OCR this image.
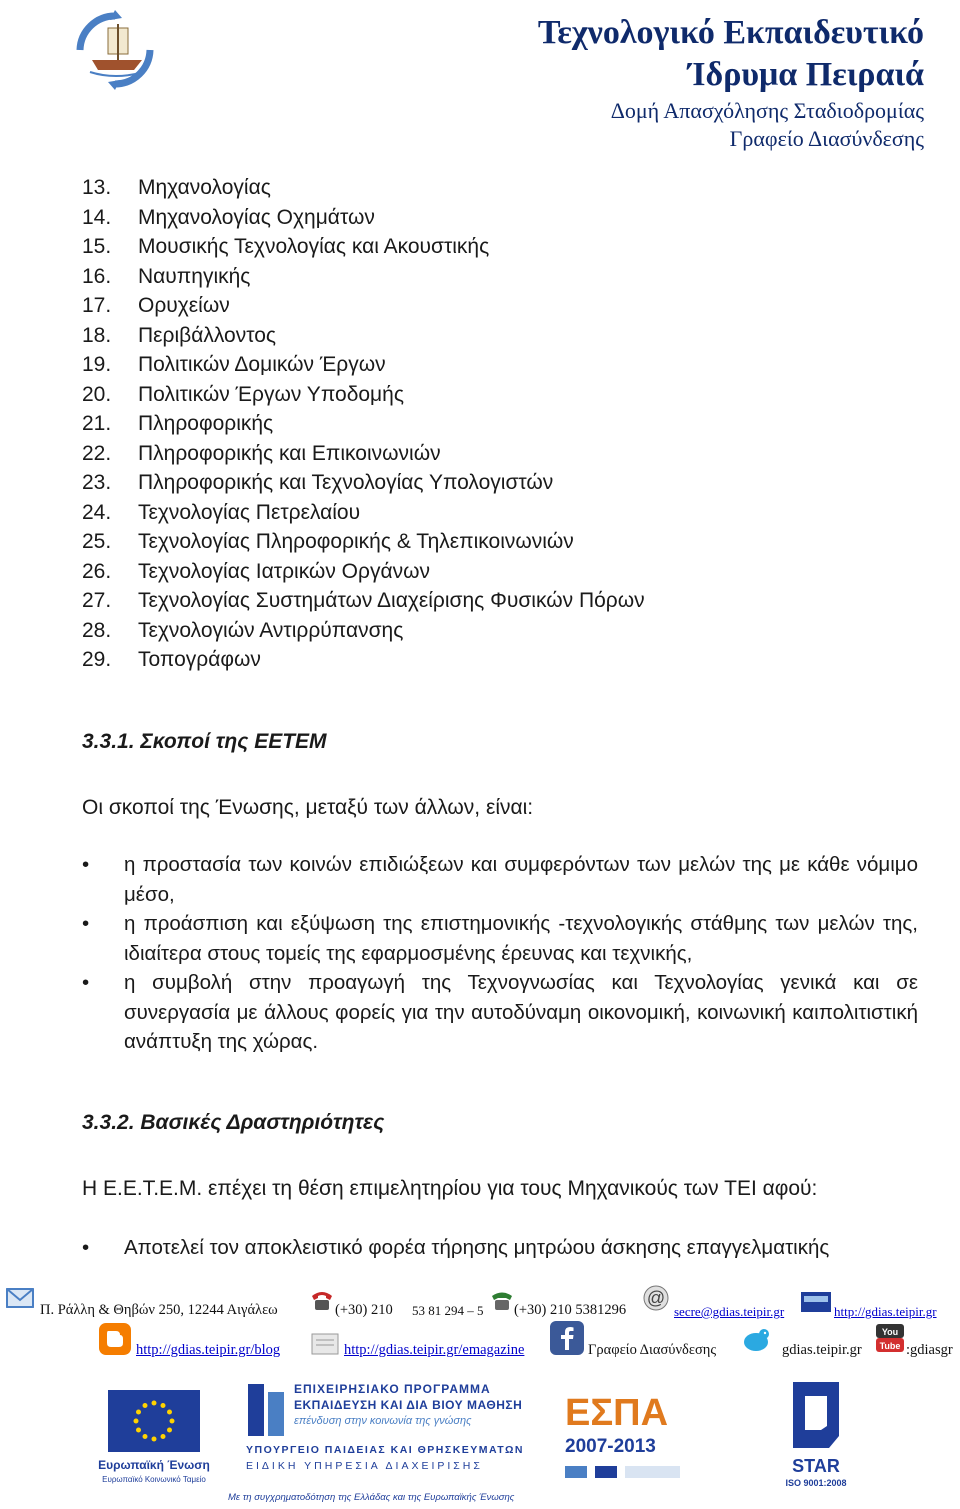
Τεχνολογικό Εκπαιδευτικό
Ίδρυμα Πειραιά
Δομή Απασχόλησης Σταδιοδρομίας
Γραφείο Διασύνδεσης
13. Μηχανολογίας
14. Μηχανολογίας Οχημάτων
15. Μουσικής Τεχνολογίας και Ακουστικής
16. Ναυπηγικής
17. Ορυχείων
18. Περιβάλλοντος
19. Πολιτικών Δομικών Έργων
20. Πολιτικών Έργων Υποδομής
21. Πληροφορικής
22. Πληροφορικής και Επικοινωνιών
23. Πληροφορικής και Τεχνολογίας Υπολογιστών
24. Τεχνολογίας Πετρελαίου
25. Τεχνολογίας Πληροφορικής & Τηλεπικοινωνιών
26. Τεχνολογίας Ιατρικών Οργάνων
27. Τεχνολογίας Συστημάτων Διαχείρισης Φυσικών Πόρων
28. Τεχνολογιών Αντιρρύπανσης
29. Τοπογράφων
3.3.1. Σκοποί της ΕΕΤΕΜ
Οι σκοποί της Ένωσης, μεταξύ των άλλων, είναι:
• η προστασία των κοινών επιδιώξεων και συμφερόντων των μελών της με κάθε νόμιμο μέσο,
• η προάσπιση και εξύψωση της επιστημονικής -τεχνολογικής στάθμης των μελών της, ιδιαίτερα στους τομείς της εφαρμοσμένης έρευνας και τεχνικής,
• η συμβολή στην προαγωγή της Τεχνογνωσίας και Τεχνολογίας γενικά και σε συνεργασία με άλλους φορείς για την αυτοδύναμη οικονομική, κοινωνική καιπολιτιστική ανάπτυξη της χώρας.
3.3.2. Βασικές Δραστηριότητες
Η Ε.Ε.Τ.Ε.Μ. επέχει τη θέση επιμελητηρίου για τους Μηχανικούς των ΤΕΙ αφού:
• Αποτελεί τον αποκλειστικό φορέα τήρησης μητρώου άσκησης επαγγελματικής
Π. Ράλλη & Θηβών 250, 12244 Αιγάλεω	(+30) 210 53 81 294 – 5 (+30) 210 5381296
@
secre@gdias.teipir.gr	http://gdias.teipir.gr
http://gdias.teipir.gr/blog	http://gdias.teipir.gr/emagazine	Γραφείο Διασύνδεσης	gdias.teipir.gr
You
Tube :gdiasgr
Ευρωπαϊκή Ένωση
Ευρωπαϊκό Κοινωνικό Ταμείο
ΕΠΙΧΕΙΡΗΣΙΑΚΟ ΠΡΟΓΡΑΜΜΑ
ΕΚΠΑΙΔΕΥΣΗ ΚΑΙ ΔΙΑ ΒΙΟΥ ΜΑΘΗΣΗ
επένδυση στην κοινωνία της γνώσης
ΥΠΟΥΡΓΕΙΟ ΠΑΙΔΕΙΑΣ ΚΑΙ ΘΡΗΣΚΕΥΜΑΤΩΝ
ΕΙΔΙΚΗ ΥΠΗΡΕΣΙΑ ΔΙΑΧΕΙΡΙΣΗΣ
Με τη συγχρηματοδότηση της Ελλάδας και της Ευρωπαϊκής Ένωσης
ΕΣΠΑ
2007-2013
STAR
ISO 9001:2008
